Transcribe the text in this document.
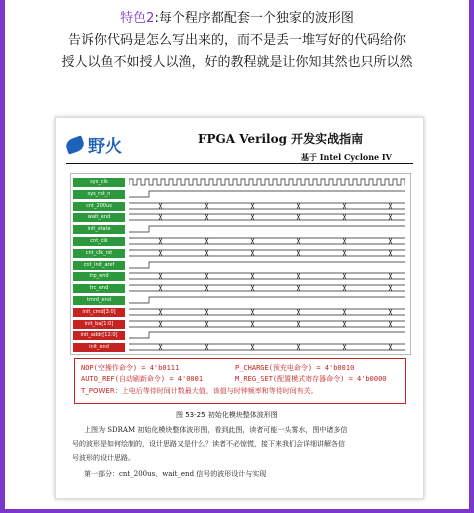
特色2:每个程序都配套一个独家的波形图
告诉你代码是怎么写出来的，而不是丢一堆写好的代码给你
授人以鱼不如授人以渔，好的教程就是让你知其然也只所以然
野火	FPGA Verilog 开发实战指南
基于 Intel Cyclone IV
sys_clk
sys_rst_n
cnt_200us
wait_end
init_state
cnt_clk
cnt_clk_rst
cnt_init_aref
trp_end
trc_end
tmrd_end
init_cmd[3:0]
init_ba[1:0]
init_addr[12:0]
init_end
NOP(空操作命令) = 4'b0111	P_CHARGE(预充电命令) = 4'b0010
AUTO_REF(自动刷新命令) = 4'0001	M_REG_SET(配置模式寄存器命令) = 4'b0000
T_POWER：上电后等待时间计数最大值，该值与时钟频率和等待时间有关。
图 53-25 初始化模块整体波形图
上图为 SDRAM 初始化模块整体波形图，看到此图，读者可能一头雾水，图中诸多信
号的波形是如何绘制的，设计思路又是什么？读者不必惊慌，接下来我们会详细讲解各信
号波形的设计思路。
第一部分：cnt_200us、wait_end 信号的波形设计与实现
